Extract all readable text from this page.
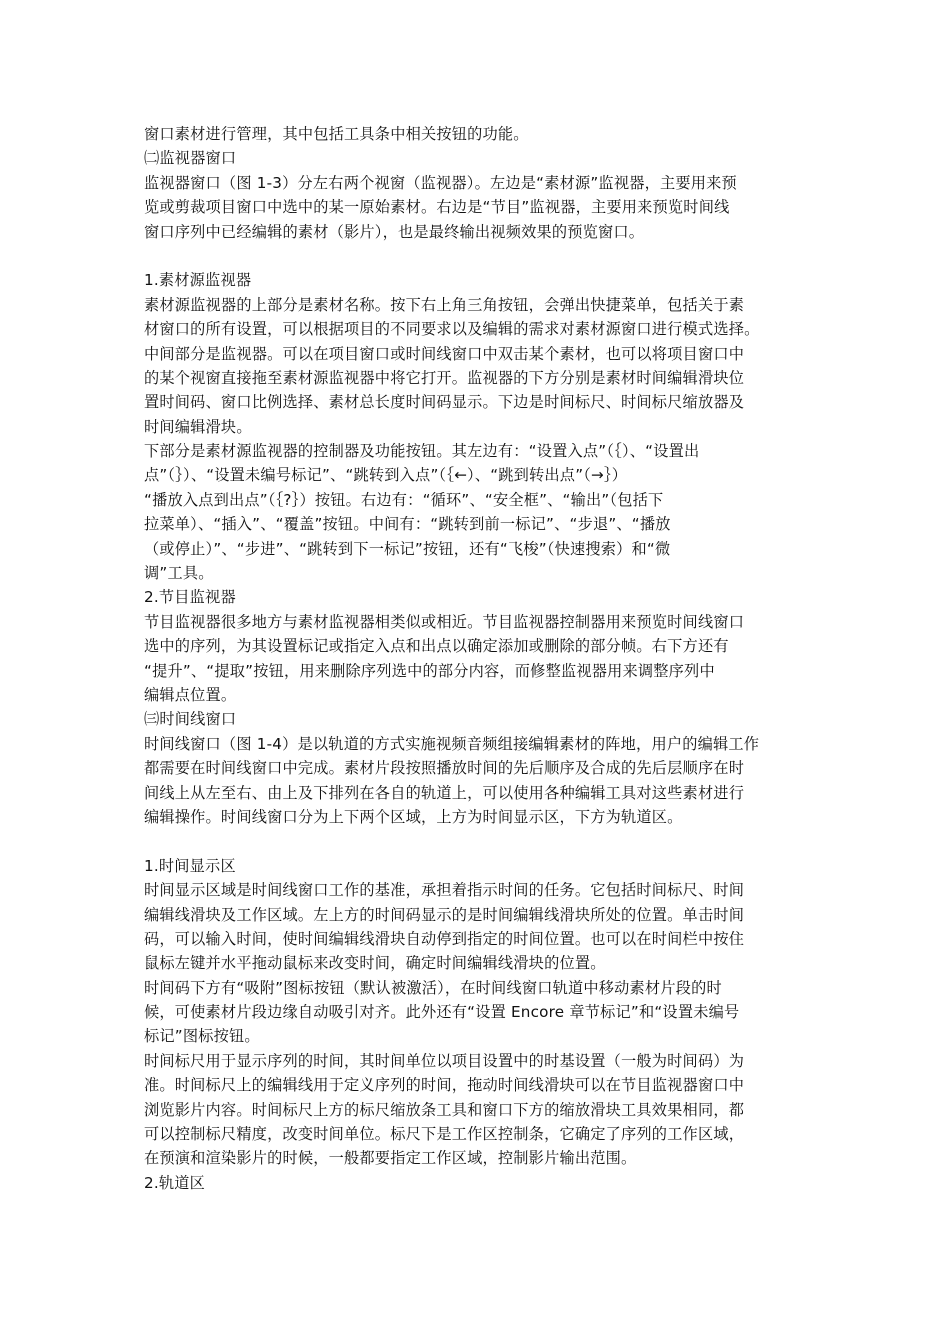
窗口素材进行管理，其中包括工具条中相关按钮的功能。
㈡监视器窗口
监视器窗口（图 1-3）分左右两个视窗（监视器）。左边是“素材源”监视器，主要用来预
览或剪裁项目窗口中选中的某一原始素材。右边是“节目”监视器，主要用来预览时间线
窗口序列中已经编辑的素材（影片），也是最终输出视频效果的预览窗口。
1.素材源监视器
素材源监视器的上部分是素材名称。按下右上角三角按钮，会弹出快捷菜单，包括关于素
材窗口的所有设置，可以根据项目的不同要求以及编辑的需求对素材源窗口进行模式选择。
中间部分是监视器。可以在项目窗口或时间线窗口中双击某个素材，也可以将项目窗口中
的某个视窗直接拖至素材源监视器中将它打开。监视器的下方分别是素材时间编辑滑块位
置时间码、窗口比例选择、素材总长度时间码显示。下边是时间标尺、时间标尺缩放器及
时间编辑滑块。
下部分是素材源监视器的控制器及功能按钮。其左边有：“设置入点”（｛）、“设置出
点”（｝）、“设置未编号标记”、“跳转到入点”（｛←）、“跳到转出点”（→｝）
“播放入点到出点”（｛?｝）按钮。右边有：“循环”、“安全框”、“输出”（包括下
拉菜单）、“插入”、“覆盖”按钮。中间有：“跳转到前一标记”、“步退”、“播放
（或停止）”、“步进”、“跳转到下一标记”按钮，还有“飞梭”（快速搜索）和“微
调”工具。
2.节目监视器
节目监视器很多地方与素材监视器相类似或相近。节目监视器控制器用来预览时间线窗口
选中的序列，为其设置标记或指定入点和出点以确定添加或删除的部分帧。右下方还有
“提升”、“提取”按钮，用来删除序列选中的部分内容，而修整监视器用来调整序列中
编辑点位置。
㈢时间线窗口
时间线窗口（图 1-4）是以轨道的方式实施视频音频组接编辑素材的阵地，用户的编辑工作
都需要在时间线窗口中完成。素材片段按照播放时间的先后顺序及合成的先后层顺序在时
间线上从左至右、由上及下排列在各自的轨道上，可以使用各种编辑工具对这些素材进行
编辑操作。时间线窗口分为上下两个区域，上方为时间显示区，下方为轨道区。
1.时间显示区
时间显示区域是时间线窗口工作的基准，承担着指示时间的任务。它包括时间标尺、时间
编辑线滑块及工作区域。左上方的时间码显示的是时间编辑线滑块所处的位置。单击时间
码，可以输入时间，使时间编辑线滑块自动停到指定的时间位置。也可以在时间栏中按住
鼠标左键并水平拖动鼠标来改变时间，确定时间编辑线滑块的位置。
时间码下方有“吸附”图标按钮（默认被激活），在时间线窗口轨道中移动素材片段的时
候，可使素材片段边缘自动吸引对齐。此外还有“设置 Encore 章节标记”和“设置未编号
标记”图标按钮。
时间标尺用于显示序列的时间，其时间单位以项目设置中的时基设置（一般为时间码）为
准。时间标尺上的编辑线用于定义序列的时间，拖动时间线滑块可以在节目监视器窗口中
浏览影片内容。时间标尺上方的标尺缩放条工具和窗口下方的缩放滑块工具效果相同，都
可以控制标尺精度，改变时间单位。标尺下是工作区控制条，它确定了序列的工作区域，
在预演和渲染影片的时候，一般都要指定工作区域，控制影片输出范围。
2.轨道区
